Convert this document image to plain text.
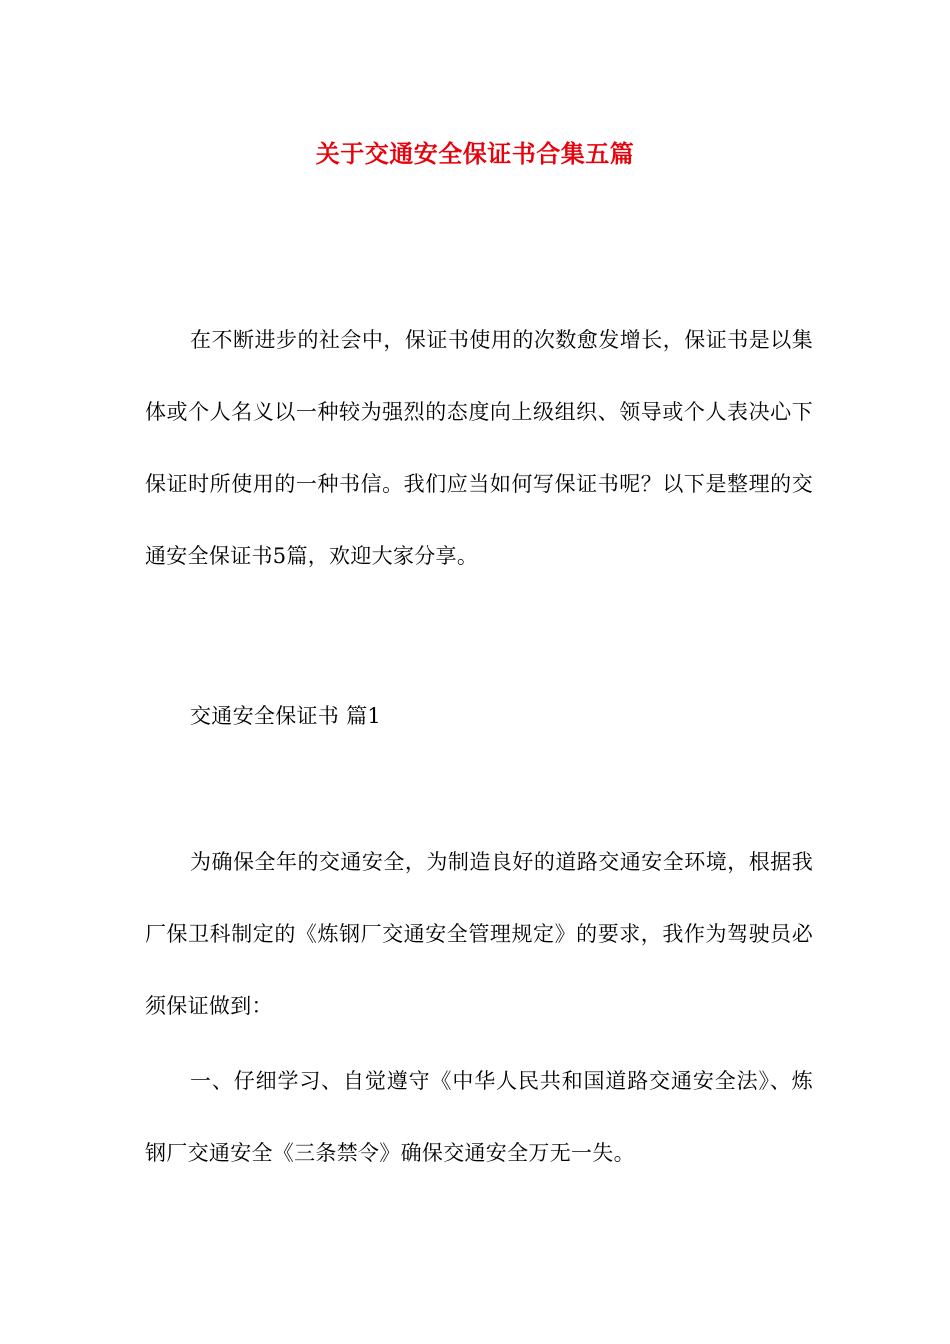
关于交通安全保证书合集五篇

在不断进步的社会中，保证书使用的次数愈发增长，保证书是以集体或个人名义以一种较为强烈的态度向上级组织、领导或个人表决心下保证时所使用的一种书信。我们应当如何写保证书呢？以下是整理的交通安全保证书5篇，欢迎大家分享。

交通安全保证书 篇1

为确保全年的交通安全，为制造良好的道路交通安全环境，根据我厂保卫科制定的《炼钢厂交通安全管理规定》的要求，我作为驾驶员必须保证做到：

一、仔细学习、自觉遵守《中华人民共和国道路交通安全法》、炼钢厂交通安全《三条禁令》确保交通安全万无一失。
